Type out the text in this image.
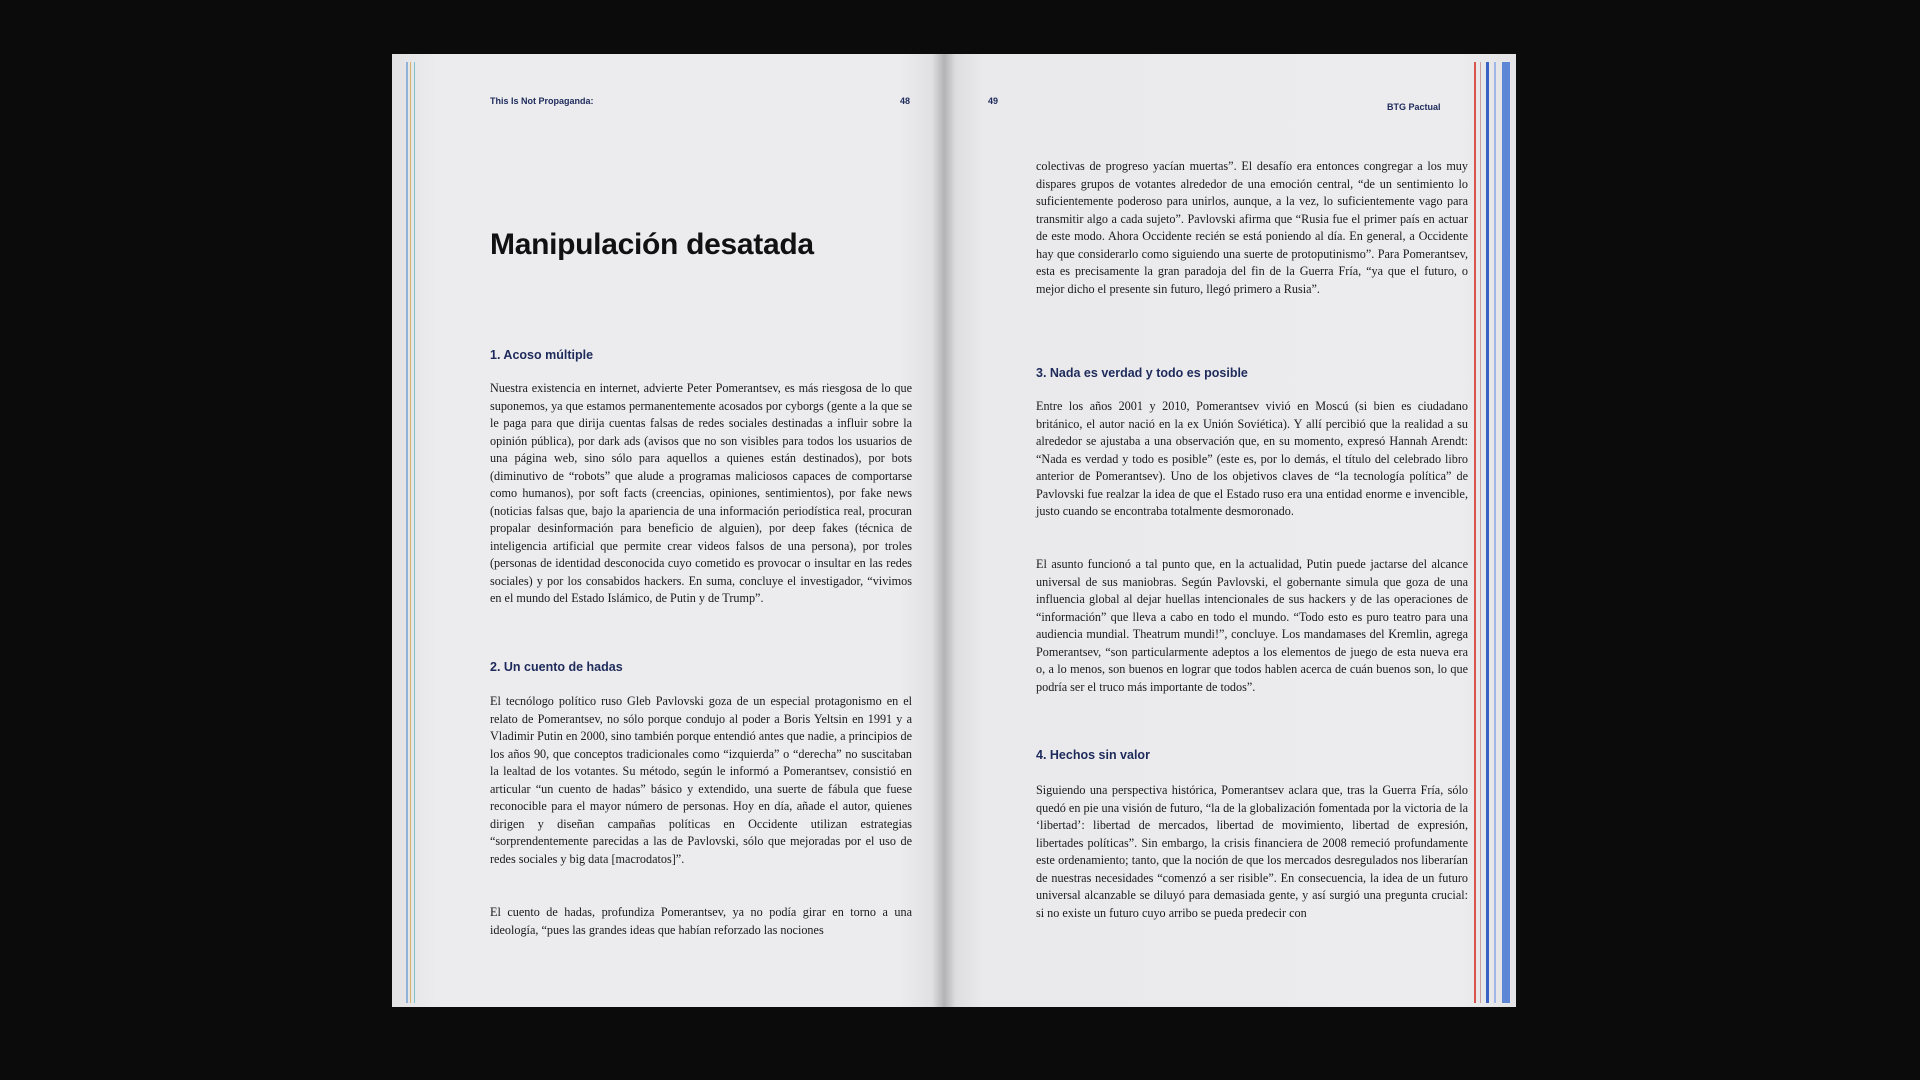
This Is Not Propaganda:	48
Manipulación desatada
1. Acoso múltiple

Nuestra existencia en internet, advierte Peter Pomerantsev, es más riesgosa de lo que suponemos, ya que estamos permanentemente acosados por cyborgs (gente a la que se le paga para que dirija cuentas falsas de redes sociales destinadas a influir sobre la opinión pública), por dark ads (avisos que no son visibles para todos los usuarios de una página web, sino sólo para aquellos a quienes están destinados), por bots (diminutivo de “robots” que alude a programas maliciosos capaces de comportarse como humanos), por soft facts (creencias, opiniones, sentimientos), por fake news (noticias falsas que, bajo la apariencia de una información periodística real, procuran propalar desinformación para beneficio de alguien), por deep fakes (técnica de inteligencia artificial que permite crear videos falsos de una persona), por troles (personas de identidad desconocida cuyo cometido es provocar o insultar en las redes sociales) y por los consabidos hackers. En suma, concluye el investigador, “vivimos en el mundo del Estado Islámico, de Putin y de Trump”.

2. Un cuento de hadas

El tecnólogo político ruso Gleb Pavlovski goza de un especial protagonismo en el relato de Pomerantsev, no sólo porque condujo al poder a Boris Yeltsin en 1991 y a Vladimir Putin en 2000, sino también porque entendió antes que nadie, a principios de los años 90, que conceptos tradicionales como “izquierda” o “derecha” no suscitaban la lealtad de los votantes. Su método, según le informó a Pomerantsev, consistió en articular “un cuento de hadas” básico y extendido, una suerte de fábula que fuese reconocible para el mayor número de personas. Hoy en día, añade el autor, quienes dirigen y diseñan campañas políticas en Occidente utilizan estrategias “sorprendentemente parecidas a las de Pavlovski, sólo que mejoradas por el uso de redes sociales y big data [macrodatos]”.

El cuento de hadas, profundiza Pomerantsev, ya no podía girar en torno a una ideología, “pues las grandes ideas que habían reforzado las nociones

49
BTG Pactual

colectivas de progreso yacían muertas”. El desafío era entonces congregar a los muy dispares grupos de votantes alrededor de una emoción central, “de un sentimiento lo suficientemente poderoso para unirlos, aunque, a la vez, lo suficientemente vago para transmitir algo a cada sujeto”. Pavlovski afirma que “Rusia fue el primer país en actuar de este modo. Ahora Occidente recién se está poniendo al día. En general, a Occidente hay que considerarlo como siguiendo una suerte de protoputinismo”. Para Pomerantsev, esta es precisamente la gran paradoja del fin de la Guerra Fría, “ya que el futuro, o mejor dicho el presente sin futuro, llegó primero a Rusia”.

3. Nada es verdad y todo es posible

Entre los años 2001 y 2010, Pomerantsev vivió en Moscú (si bien es ciudadano británico, el autor nació en la ex Unión Soviética). Y allí percibió que la realidad a su alrededor se ajustaba a una observación que, en su momento, expresó Hannah Arendt: “Nada es verdad y todo es posible” (este es, por lo demás, el título del celebrado libro anterior de Pomerantsev). Uno de los objetivos claves de “la tecnología política” de Pavlovski fue realzar la idea de que el Estado ruso era una entidad enorme e invencible, justo cuando se encontraba totalmente desmoronado.

El asunto funcionó a tal punto que, en la actualidad, Putin puede jactarse del alcance universal de sus maniobras. Según Pavlovski, el gobernante simula que goza de una influencia global al dejar huellas intencionales de sus hackers y de las operaciones de “información” que lleva a cabo en todo el mundo. “Todo esto es puro teatro para una audiencia mundial. Theatrum mundi!”, concluye. Los mandamases del Kremlin, agrega Pomerantsev, “son particularmente adeptos a los elementos de juego de esta nueva era o, a lo menos, son buenos en lograr que todos hablen acerca de cuán buenos son, lo que podría ser el truco más importante de todos”.

4. Hechos sin valor

Siguiendo una perspectiva histórica, Pomerantsev aclara que, tras la Guerra Fría, sólo quedó en pie una visión de futuro, “la de la globalización fomentada por la victoria de la ‘libertad’: libertad de mercados, libertad de movimiento, libertad de expresión, libertades políticas”. Sin embargo, la crisis financiera de 2008 remeció profundamente este ordenamiento; tanto, que la noción de que los mercados desregulados nos liberarían de nuestras necesidades “comenzó a ser risible”. En consecuencia, la idea de un futuro universal alcanzable se diluyó para demasiada gente, y así surgió una pregunta crucial: si no existe un futuro cuyo arribo se pueda predecir con
